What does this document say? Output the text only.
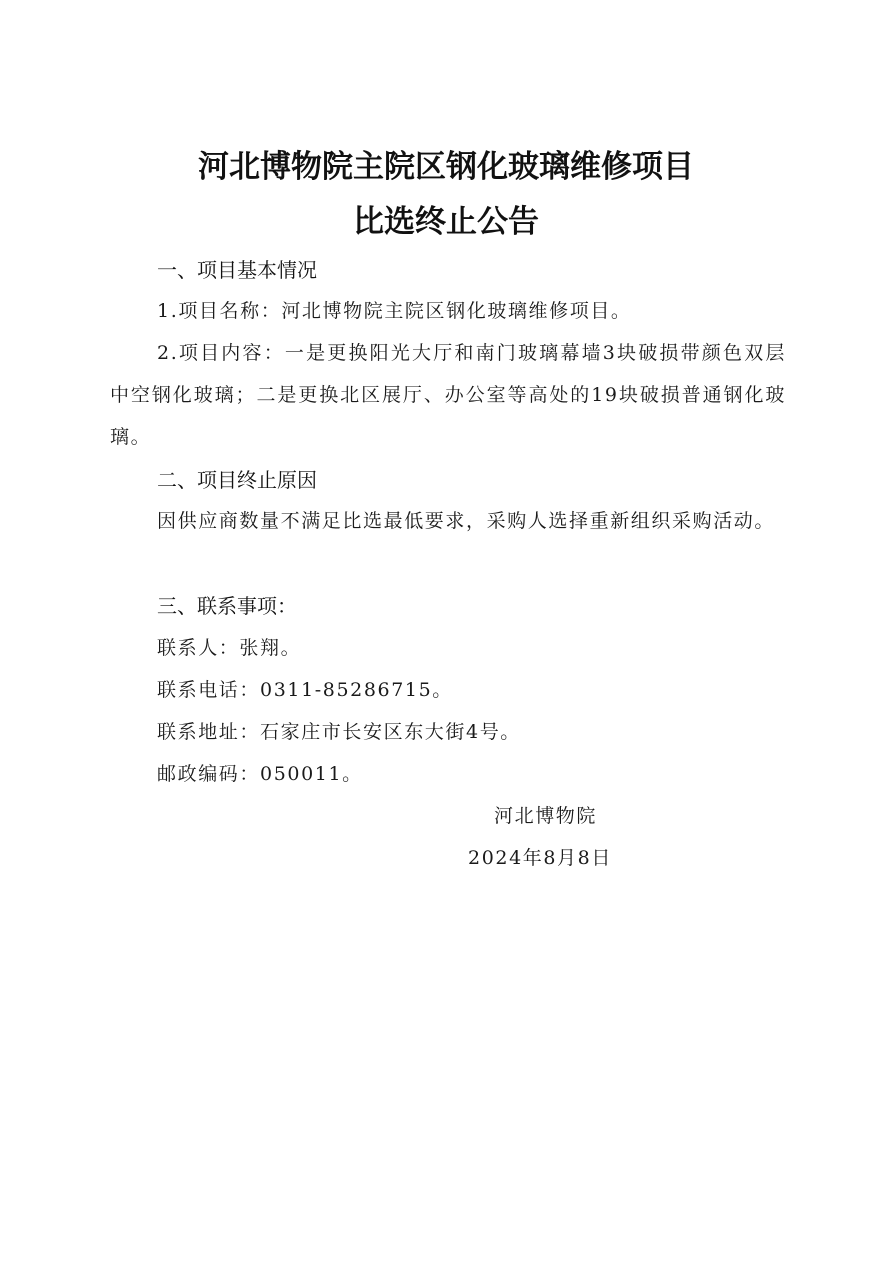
河北博物院主院区钢化玻璃维修项目
比选终止公告
一、项目基本情况
1.项目名称：河北博物院主院区钢化玻璃维修项目。
2.项目内容：一是更换阳光大厅和南门玻璃幕墙3块破损带颜色双层中空钢化玻璃；二是更换北区展厅、办公室等高处的19块破损普通钢化玻璃。
二、项目终止原因
因供应商数量不满足比选最低要求，采购人选择重新组织采购活动。
三、联系事项：
联系人：张翔。
联系电话：0311-85286715。
联系地址：石家庄市长安区东大街4号。
邮政编码：050011。
河北博物院
2024年8月8日
